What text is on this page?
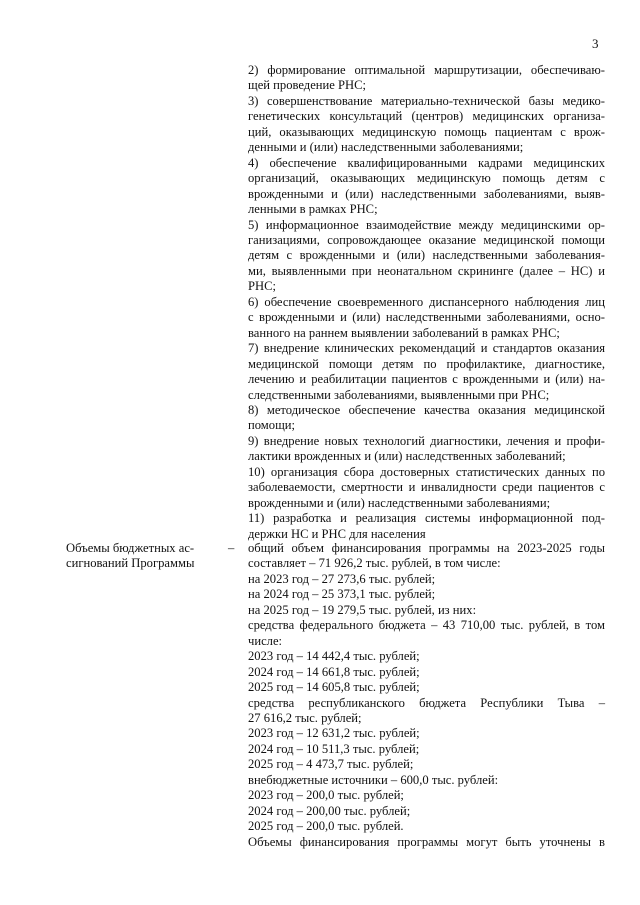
3
2) формирование оптимальной маршрутизации, обеспечиваю-
щей проведение РНС;
3) совершенствование материально-технической базы медико-
генетических консультаций (центров) медицинских организа-
ций, оказывающих медицинскую помощь пациентам с врож-
денными и (или) наследственными заболеваниями;
4) обеспечение квалифицированными кадрами медицинских
организаций, оказывающих медицинскую помощь детям с
врожденными и (или) наследственными заболеваниями, выяв-
ленными в рамках РНС;
5) информационное взаимодействие между медицинскими ор-
ганизациями, сопровождающее оказание медицинской помощи
детям с врожденными и (или) наследственными заболевания-
ми, выявленными при неонатальном скрининге (далее – НС) и
РНС;
6) обеспечение своевременного диспансерного наблюдения лиц
с врожденными и (или) наследственными заболеваниями, осно-
ванного на раннем выявлении заболеваний в рамках РНС;
7) внедрение клинических рекомендаций и стандартов оказания
медицинской помощи детям по профилактике, диагностике,
лечению и реабилитации пациентов с врожденными и (или) на-
следственными заболеваниями, выявленными при РНС;
8) методическое обеспечение качества оказания медицинской
помощи;
9) внедрение новых технологий диагностики, лечения и профи-
лактики врожденных и (или) наследственных заболеваний;
10) организация сбора достоверных статистических данных по
заболеваемости, смертности и инвалидности среди пациентов с
врожденными и (или) наследственными заболеваниями;
11) разработка и реализация системы информационной под-
держки НС и РНС для населения
Объемы бюджетных ас-
сигнований Программы
– общий объем финансирования программы на 2023-2025 годы
составляет – 71 926,2 тыс. рублей, в том числе:
на 2023 год – 27 273,6 тыс. рублей;
на 2024 год – 25 373,1 тыс. рублей;
на 2025 год – 19 279,5 тыс. рублей, из них:
средства федерального бюджета – 43 710,00 тыс. рублей, в том
числе:
2023 год – 14 442,4 тыс. рублей;
2024 год – 14 661,8 тыс. рублей;
2025 год – 14 605,8 тыс. рублей;
средства республиканского бюджета Республики Тыва –
27 616,2 тыс. рублей;
2023 год – 12 631,2 тыс. рублей;
2024 год – 10 511,3 тыс. рублей;
2025 год – 4 473,7 тыс. рублей;
внебюджетные источники – 600,0 тыс. рублей:
2023 год – 200,0 тыс. рублей;
2024 год – 200,00 тыс. рублей;
2025 год – 200,0 тыс. рублей.
Объемы финансирования программы могут быть уточнены в
